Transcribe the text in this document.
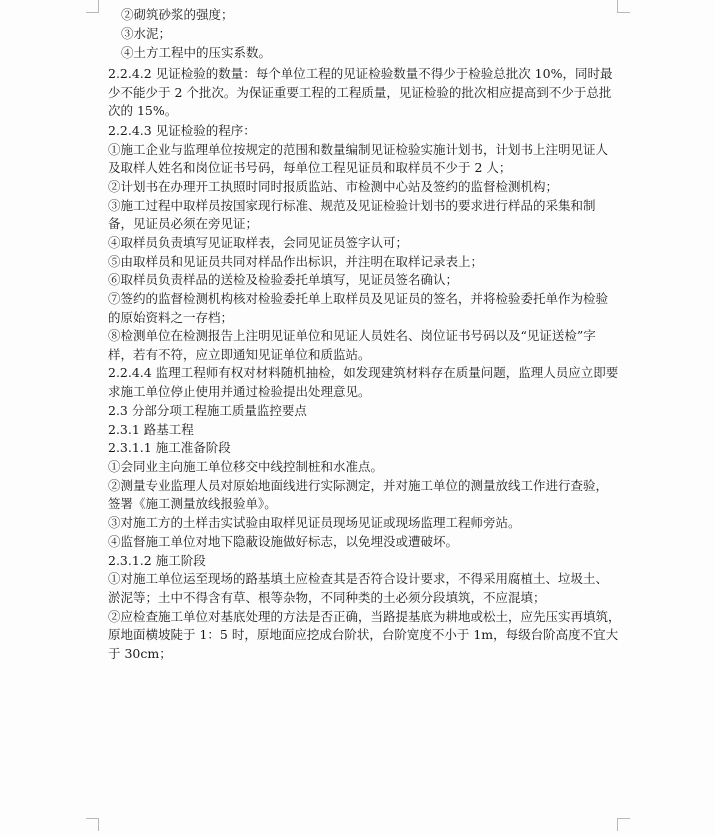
②砌筑砂浆的强度；
③水泥；
④土方工程中的压实系数。
2.2.4.2 见证检验的数量：每个单位工程的见证检验数量不得少于检验总批次 10%，同时最
少不能少于 2 个批次。为保证重要工程的工程质量，见证检验的批次相应提高到不少于总批
次的 15%。
2.2.4.3 见证检验的程序：
①施工企业与监理单位按规定的范围和数量编制见证检验实施计划书，计划书上注明见证人
及取样人姓名和岗位证书号码，每单位工程见证员和取样员不少于 2 人；
②计划书在办理开工执照时同时报质监站、市检测中心站及签约的监督检测机构；
③施工过程中取样员按国家现行标准、规范及见证检验计划书的要求进行样品的采集和制
备，见证员必须在旁见证；
④取样员负责填写见证取样表，会同见证员签字认可；
⑤由取样员和见证员共同对样品作出标识，并注明在取样记录表上；
⑥取样员负责样品的送检及检验委托单填写，见证员签名确认；
⑦签约的监督检测机构核对检验委托单上取样员及见证员的签名，并将检验委托单作为检验
的原始资料之一存档；
⑧检测单位在检测报告上注明见证单位和见证人员姓名、岗位证书号码以及“见证送检”字
样，若有不符，应立即通知见证单位和质监站。
2.2.4.4 监理工程师有权对材料随机抽检，如发现建筑材料存在质量问题，监理人员应立即要
求施工单位停止使用并通过检验提出处理意见。
2.3 分部分项工程施工质量监控要点
2.3.1 路基工程
2.3.1.1 施工准备阶段
①会同业主向施工单位移交中线控制桩和水准点。
②测量专业监理人员对原始地面线进行实际测定，并对施工单位的测量放线工作进行查验，
签署《施工测量放线报验单》。
③对施工方的土样击实试验由取样见证员现场见证或现场监理工程师旁站。
④监督施工单位对地下隐蔽设施做好标志，以免埋没或遭破坏。
2.3.1.2 施工阶段
①对施工单位运至现场的路基填土应检查其是否符合设计要求，不得采用腐植土、垃圾土、
淤泥等；土中不得含有草、根等杂物，不同种类的土必须分段填筑，不应混填；
②应检查施工单位对基底处理的方法是否正确，当路提基底为耕地或松土，应先压实再填筑，
原地面横坡陡于 1：5 时，原地面应挖成台阶状，台阶宽度不小于 1m，每级台阶高度不宜大
于 30cm；
